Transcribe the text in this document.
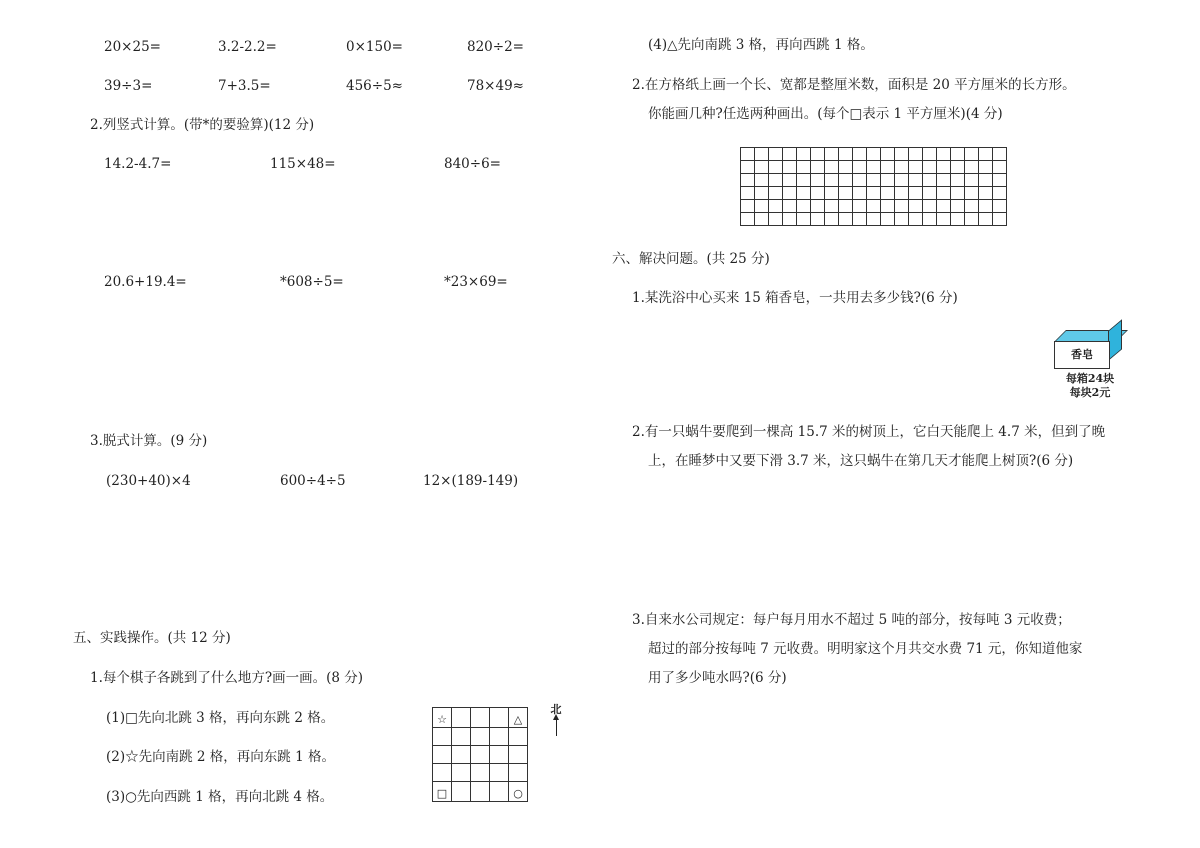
20×25=	3.2-2.2=	0×150=	820÷2=
39÷3=	7+3.5=	456÷5≈	78×49≈
2.列竖式计算。(带*的要验算)(12 分)
14.2-4.7=	115×48=	840÷6=
20.6+19.4=	*608÷5=	*23×69=
3.脱式计算。(9 分)
(230+40)×4	600÷4÷5	12×(189-149)
五、实践操作。(共 12 分)
1.每个棋子各跳到了什么地方?画一画。(8 分)
(1)□先向北跳 3 格，再向东跳 2 格。
(2)☆先向南跳 2 格，再向东跳 1 格。
(3)○先向西跳 1 格，再向北跳 4 格。
☆				△

□				○
北
(4)△先向南跳 3 格，再向西跳 1 格。
2.在方格纸上画一个长、宽都是整厘米数，面积是 20 平方厘米的长方形。
你能画几种?任选两种画出。(每个□表示 1 平方厘米)(4 分)

六、解决问题。(共 25 分)
1.某洗浴中心买来 15 箱香皂，一共用去多少钱?(6 分)
香皂
每箱24块
每块2元
2.有一只蜗牛要爬到一棵高 15.7 米的树顶上，它白天能爬上 4.7 米，但到了晚
上，在睡梦中又要下滑 3.7 米，这只蜗牛在第几天才能爬上树顶?(6 分)
3.自来水公司规定：每户每月用水不超过 5 吨的部分，按每吨 3 元收费；
超过的部分按每吨 7 元收费。明明家这个月共交水费 71 元，你知道他家
用了多少吨水吗?(6 分)
